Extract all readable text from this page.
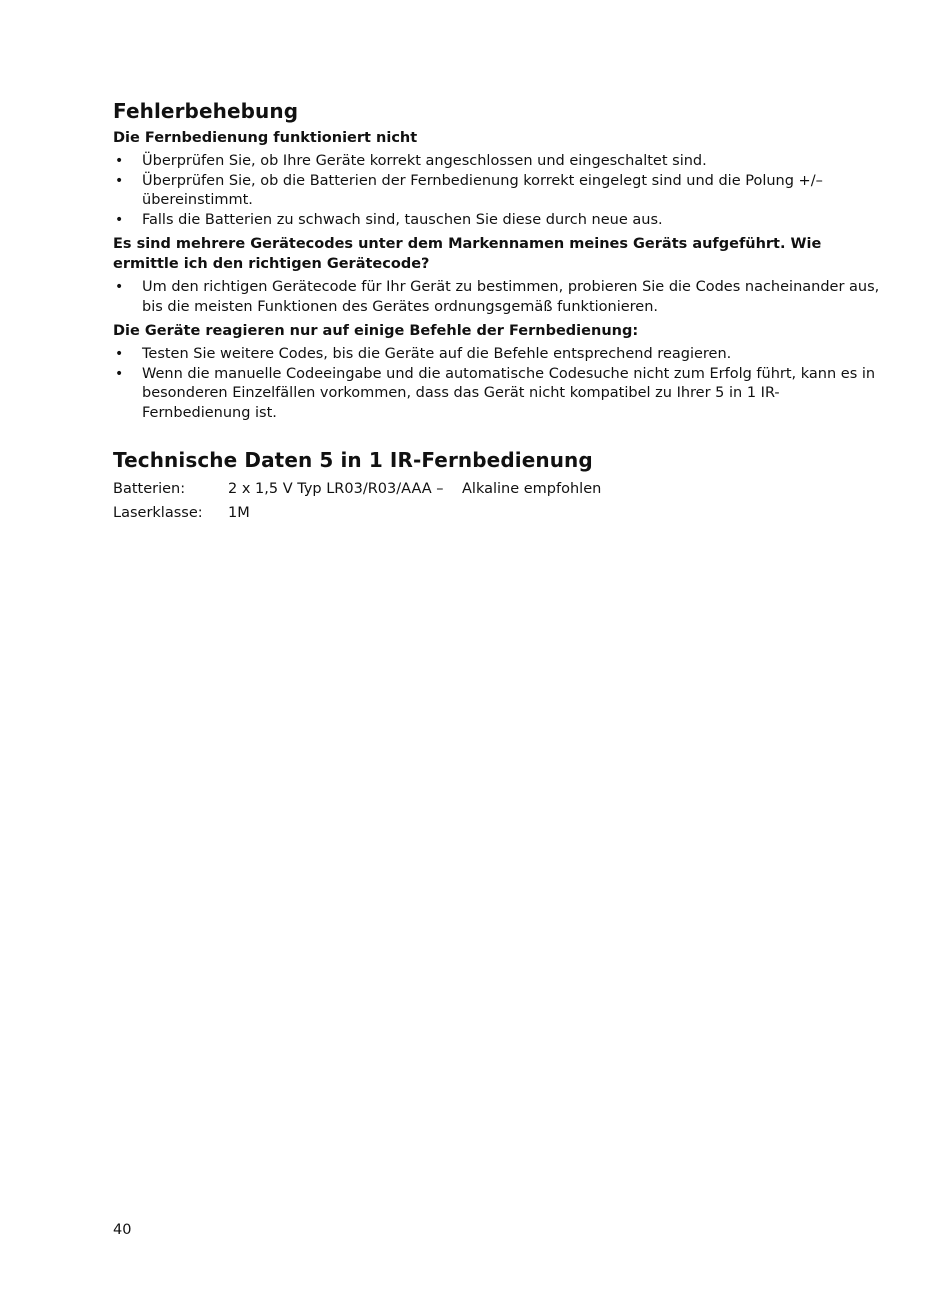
Fehlerbehebung
Die Fernbedienung funktioniert nicht
• Überprüfen Sie, ob Ihre Geräte korrekt angeschlossen und eingeschaltet sind.
• Überprüfen Sie, ob die Batterien der Fernbedienung korrekt eingelegt sind und die Polung +/– übereinstimmt.
• Falls die Batterien zu schwach sind, tauschen Sie diese durch neue aus.
Es sind mehrere Gerätecodes unter dem Markennamen meines Geräts aufgeführt. Wie ermittle ich den richtigen Gerätecode?
• Um den richtigen Gerätecode für Ihr Gerät zu bestimmen, probieren Sie die Codes nacheinander aus, bis die meisten Funktionen des Gerätes ordnungsgemäß funktionieren.
Die Geräte reagieren nur auf einige Befehle der Fernbedienung:
• Testen Sie weitere Codes, bis die Geräte auf die Befehle entsprechend reagieren.
• Wenn die manuelle Codeeingabe und die automatische Codesuche nicht zum Erfolg führt, kann es in besonderen Einzelfällen vorkommen, dass das Gerät nicht kompatibel zu Ihrer 5 in 1 IR-Fernbedienung ist.
Technische Daten 5 in 1 IR-Fernbedienung
Batterien:	2 x 1,5 V Typ LR03/R03/AAA –	Alkaline empfohlen
Laserklasse:	1M
40
